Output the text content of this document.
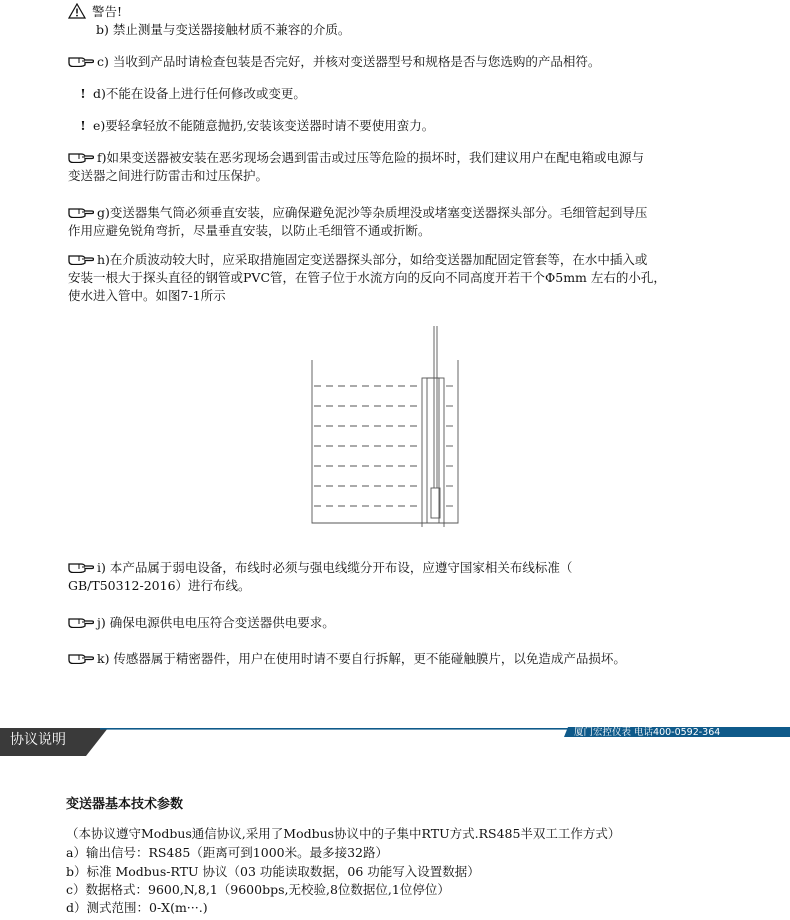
警告!
b) 禁止测量与变送器接触材质不兼容的介质。
c) 当收到产品时请检查包装是否完好，并核对变送器型号和规格是否与您选购的产品相符。
! d)不能在设备上进行任何修改或变更。
! e)要轻拿轻放不能随意抛扔,安装该变送器时请不要使用蛮力。
f)如果变送器被安装在恶劣现场会遇到雷击或过压等危险的损坏时，我们建议用户在配电箱或电源与
变送器之间进行防雷击和过压保护。
g)变送器集气筒必须垂直安装，应确保避免泥沙等杂质埋没或堵塞变送器探头部分。毛细管起到导压
作用应避免锐角弯折，尽量垂直安装，以防止毛细管不通或折断。
h)在介质波动较大时，应采取措施固定变送器探头部分，如给变送器加配固定管套等，在水中插入或
安装一根大于探头直径的钢管或PVC管，在管子位于水流方向的反向不同高度开若干个Φ5mm 左右的小孔，
使水进入管中。如图7-1所示
i) 本产品属于弱电设备，布线时必须与强电线缆分开布设，应遵守国家相关布线标准（
GB/T50312-2016）进行布线。
j) 确保电源供电电压符合变送器供电要求。
k) 传感器属于精密器件，用户在使用时请不要自行拆解，更不能碰触膜片，以免造成产品损坏。
协议说明	厦门宏控仪表 电话400-0592-364
变送器基本技术参数
（本协议遵守Modbus通信协议,采用了Modbus协议中的子集中RTU方式.RS485半双工工作方式）
a）输出信号：RS485（距离可到1000米。最多接32路）
b）标准 Modbus-RTU 协议（03 功能读取数据，06 功能写入设置数据）
c）数据格式：9600,N,8,1（9600bps,无校验,8位数据位,1位停位）
d）测式范围：0-X(m···.)
